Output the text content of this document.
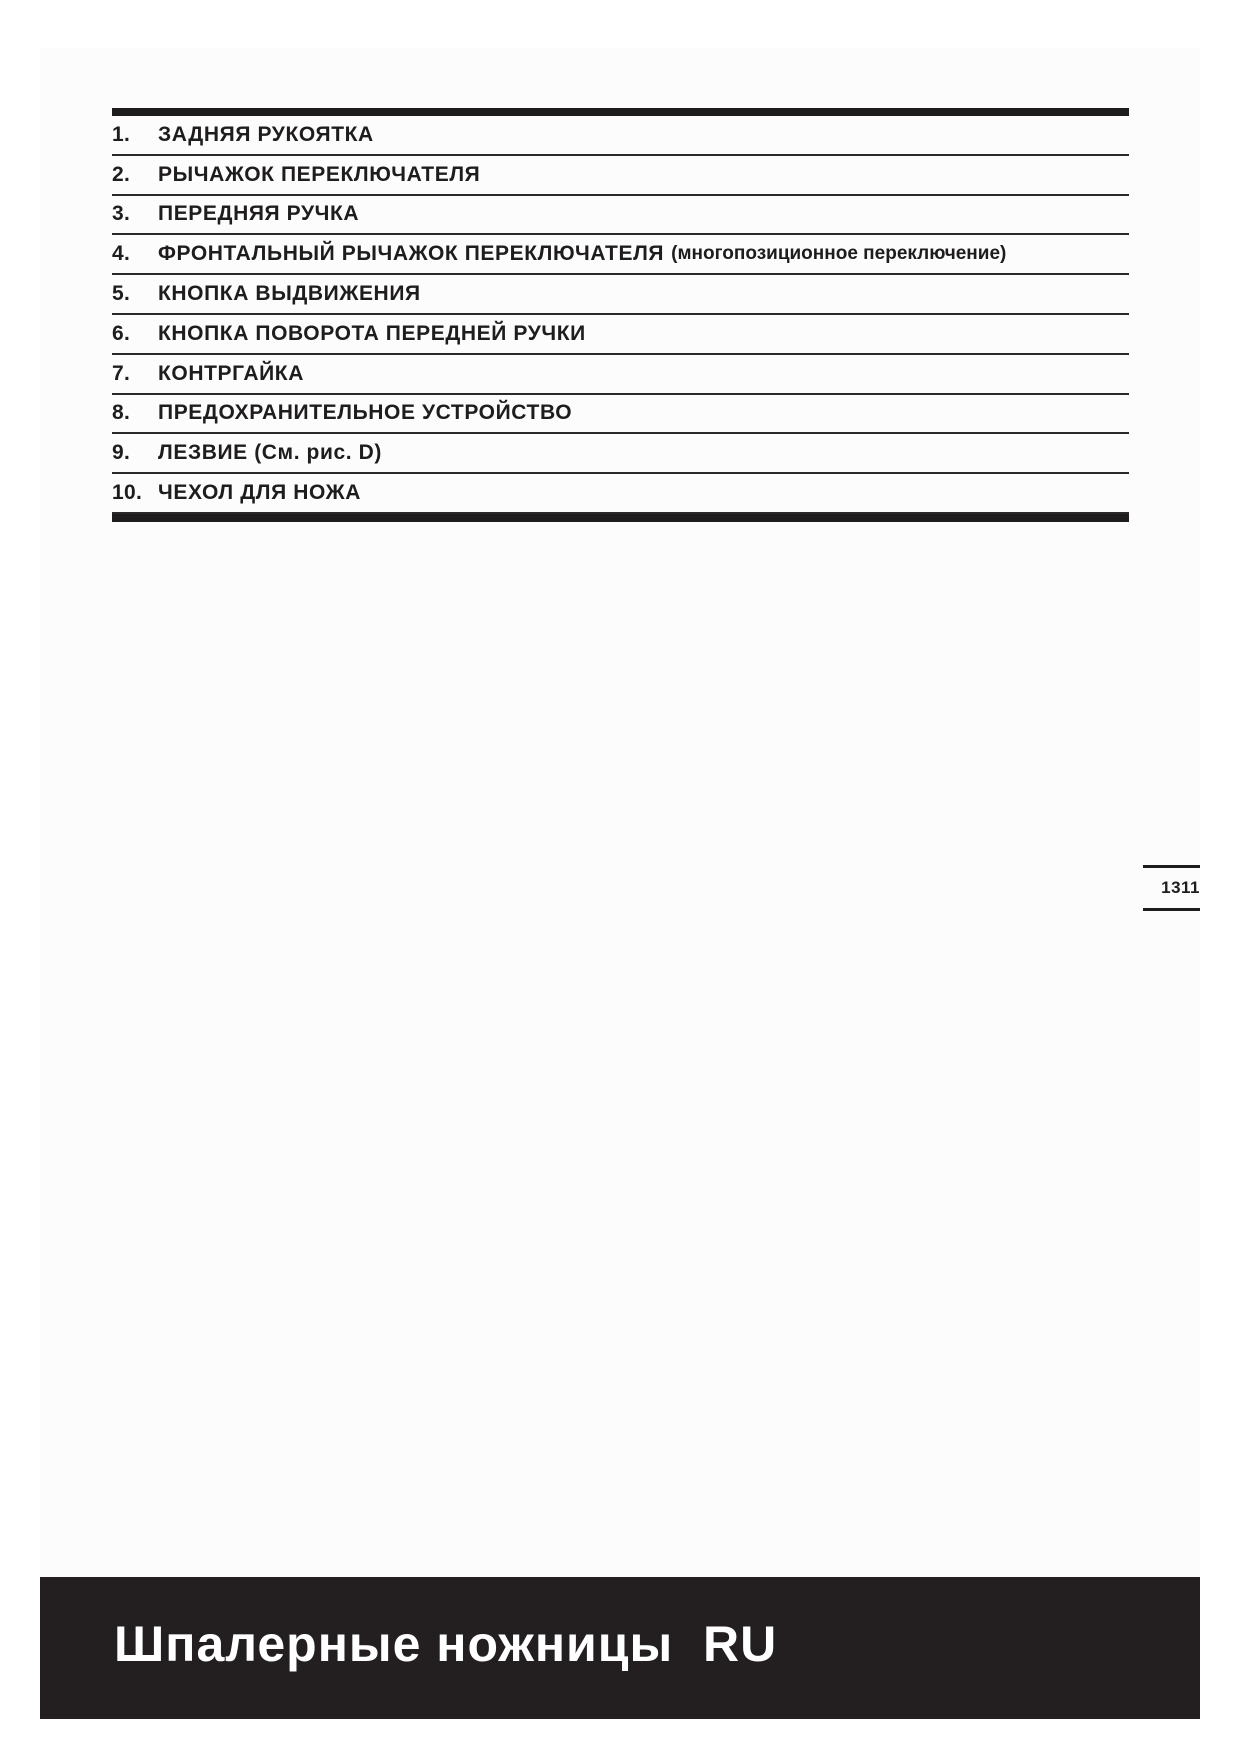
1.	ЗАДНЯЯ РУКОЯТКА
2.	РЫЧАЖОК ПЕРЕКЛЮЧАТЕЛЯ
3.	ПЕРЕДНЯЯ РУЧКА
4.	ФРОНТАЛЬНЫЙ РЫЧАЖОК ПЕРЕКЛЮЧАТЕЛЯ (многопозиционное переключение)
5.	КНОПКА ВЫДВИЖЕНИЯ
6.	КНОПКА ПОВОРОТА ПЕРЕДНЕЙ РУЧКИ
7.	КОНТРГАЙКА
8.	ПРЕДОХРАНИТЕЛЬНОЕ УСТРОЙСТВО
9.	ЛЕЗВИЕ (См. рис. D)
10. ЧЕХОЛ ДЛЯ НОЖА
1311
Шпалерные ножницы  RU
